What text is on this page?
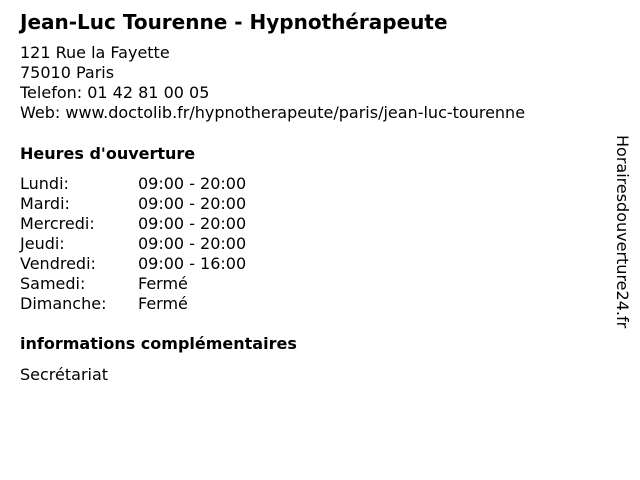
Jean-Luc Tourenne - Hypnothérapeute
121 Rue la Fayette
75010 Paris
Telefon: 01 42 81 00 05
Web: www.doctolib.fr/hypnotherapeute/paris/jean-luc-tourenne
Heures d'ouverture
Lundi:	09:00 - 20:00
Mardi:	09:00 - 20:00
Mercredi:	09:00 - 20:00
Jeudi:	09:00 - 20:00
Vendredi:	09:00 - 16:00
Samedi:	Fermé
Dimanche:	Fermé
informations complémentaires
Secrétariat
Horairesdouverture24.fr
